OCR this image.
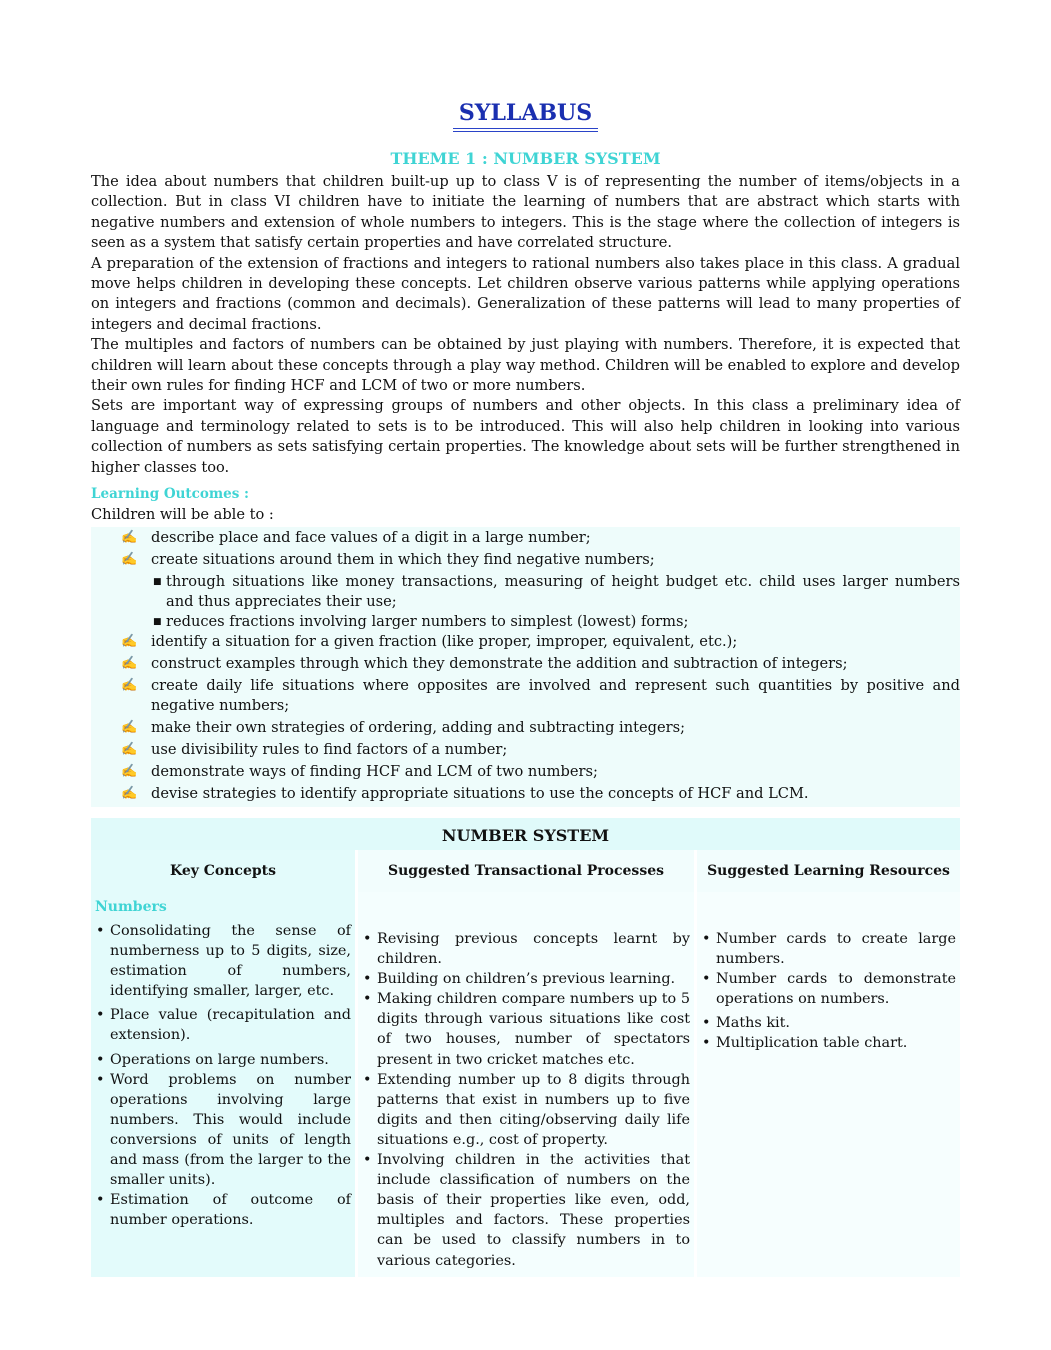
SYLLABUS
THEME 1 : NUMBER SYSTEM

The idea about numbers that children built-up up to class V is of representing the number of items/objects in a collection. But in class VI children have to initiate the learning of numbers that are abstract which starts with negative numbers and extension of whole numbers to integers. This is the stage where the collection of integers is seen as a system that satisfy certain properties and have correlated structure.

A preparation of the extension of fractions and integers to rational numbers also takes place in this class. A gradual move helps children in developing these concepts. Let children observe various patterns while applying operations on integers and fractions (common and decimals). Generalization of these patterns will lead to many properties of integers and decimal fractions.

The multiples and factors of numbers can be obtained by just playing with numbers. Therefore, it is expected that children will learn about these concepts through a play way method. Children will be enabled to explore and develop their own rules for finding HCF and LCM of two or more numbers.

Sets are important way of expressing groups of numbers and other objects. In this class a preliminary idea of language and terminology related to sets is to be introduced. This will also help children in looking into various collection of numbers as sets satisfying certain properties. The knowledge about sets will be further strengthened in higher classes too.

Learning Outcomes :
Children will be able to :
✍ describe place and face values of a digit in a large number;
✍ create situations around them in which they find negative numbers;
■ through situations like money transactions, measuring of height budget etc. child uses larger numbers and thus appreciates their use;
■ reduces fractions involving larger numbers to simplest (lowest) forms;
✍ identify a situation for a given fraction (like proper, improper, equivalent, etc.);
✍ construct examples through which they demonstrate the addition and subtraction of integers;
✍ create daily life situations where opposites are involved and represent such quantities by positive and negative numbers;
✍ make their own strategies of ordering, adding and subtracting integers;
✍ use divisibility rules to find factors of a number;
✍ demonstrate ways of finding HCF and LCM of two numbers;
✍ devise strategies to identify appropriate situations to use the concepts of HCF and LCM.
NUMBER SYSTEM
Key Concepts
Numbers
• Consolidating the sense of numberness up to 5 digits, size, estimation of numbers, identifying smaller, larger, etc.
• Place value (recapitulation and extension).
• Operations on large numbers.
• Word problems on number operations involving large numbers. This would include conversions of units of length and mass (from the larger to the smaller units).
• Estimation of outcome of number operations.
Suggested Transactional Processes
• Revising previous concepts learnt by children.
• Building on children’s previous learning.
• Making children compare numbers up to 5 digits through various situations like cost of two houses, number of spectators present in two cricket matches etc.
• Extending number up to 8 digits through patterns that exist in numbers up to five digits and then citing/observing daily life situations e.g., cost of property.
• Involving children in the activities that include classification of numbers on the basis of their properties like even, odd, multiples and factors. These properties can be used to classify numbers in to various categories.
Suggested Learning Resources
• Number cards to create large numbers.
• Number cards to demonstrate operations on numbers.
• Maths kit.
• Multiplication table chart.
